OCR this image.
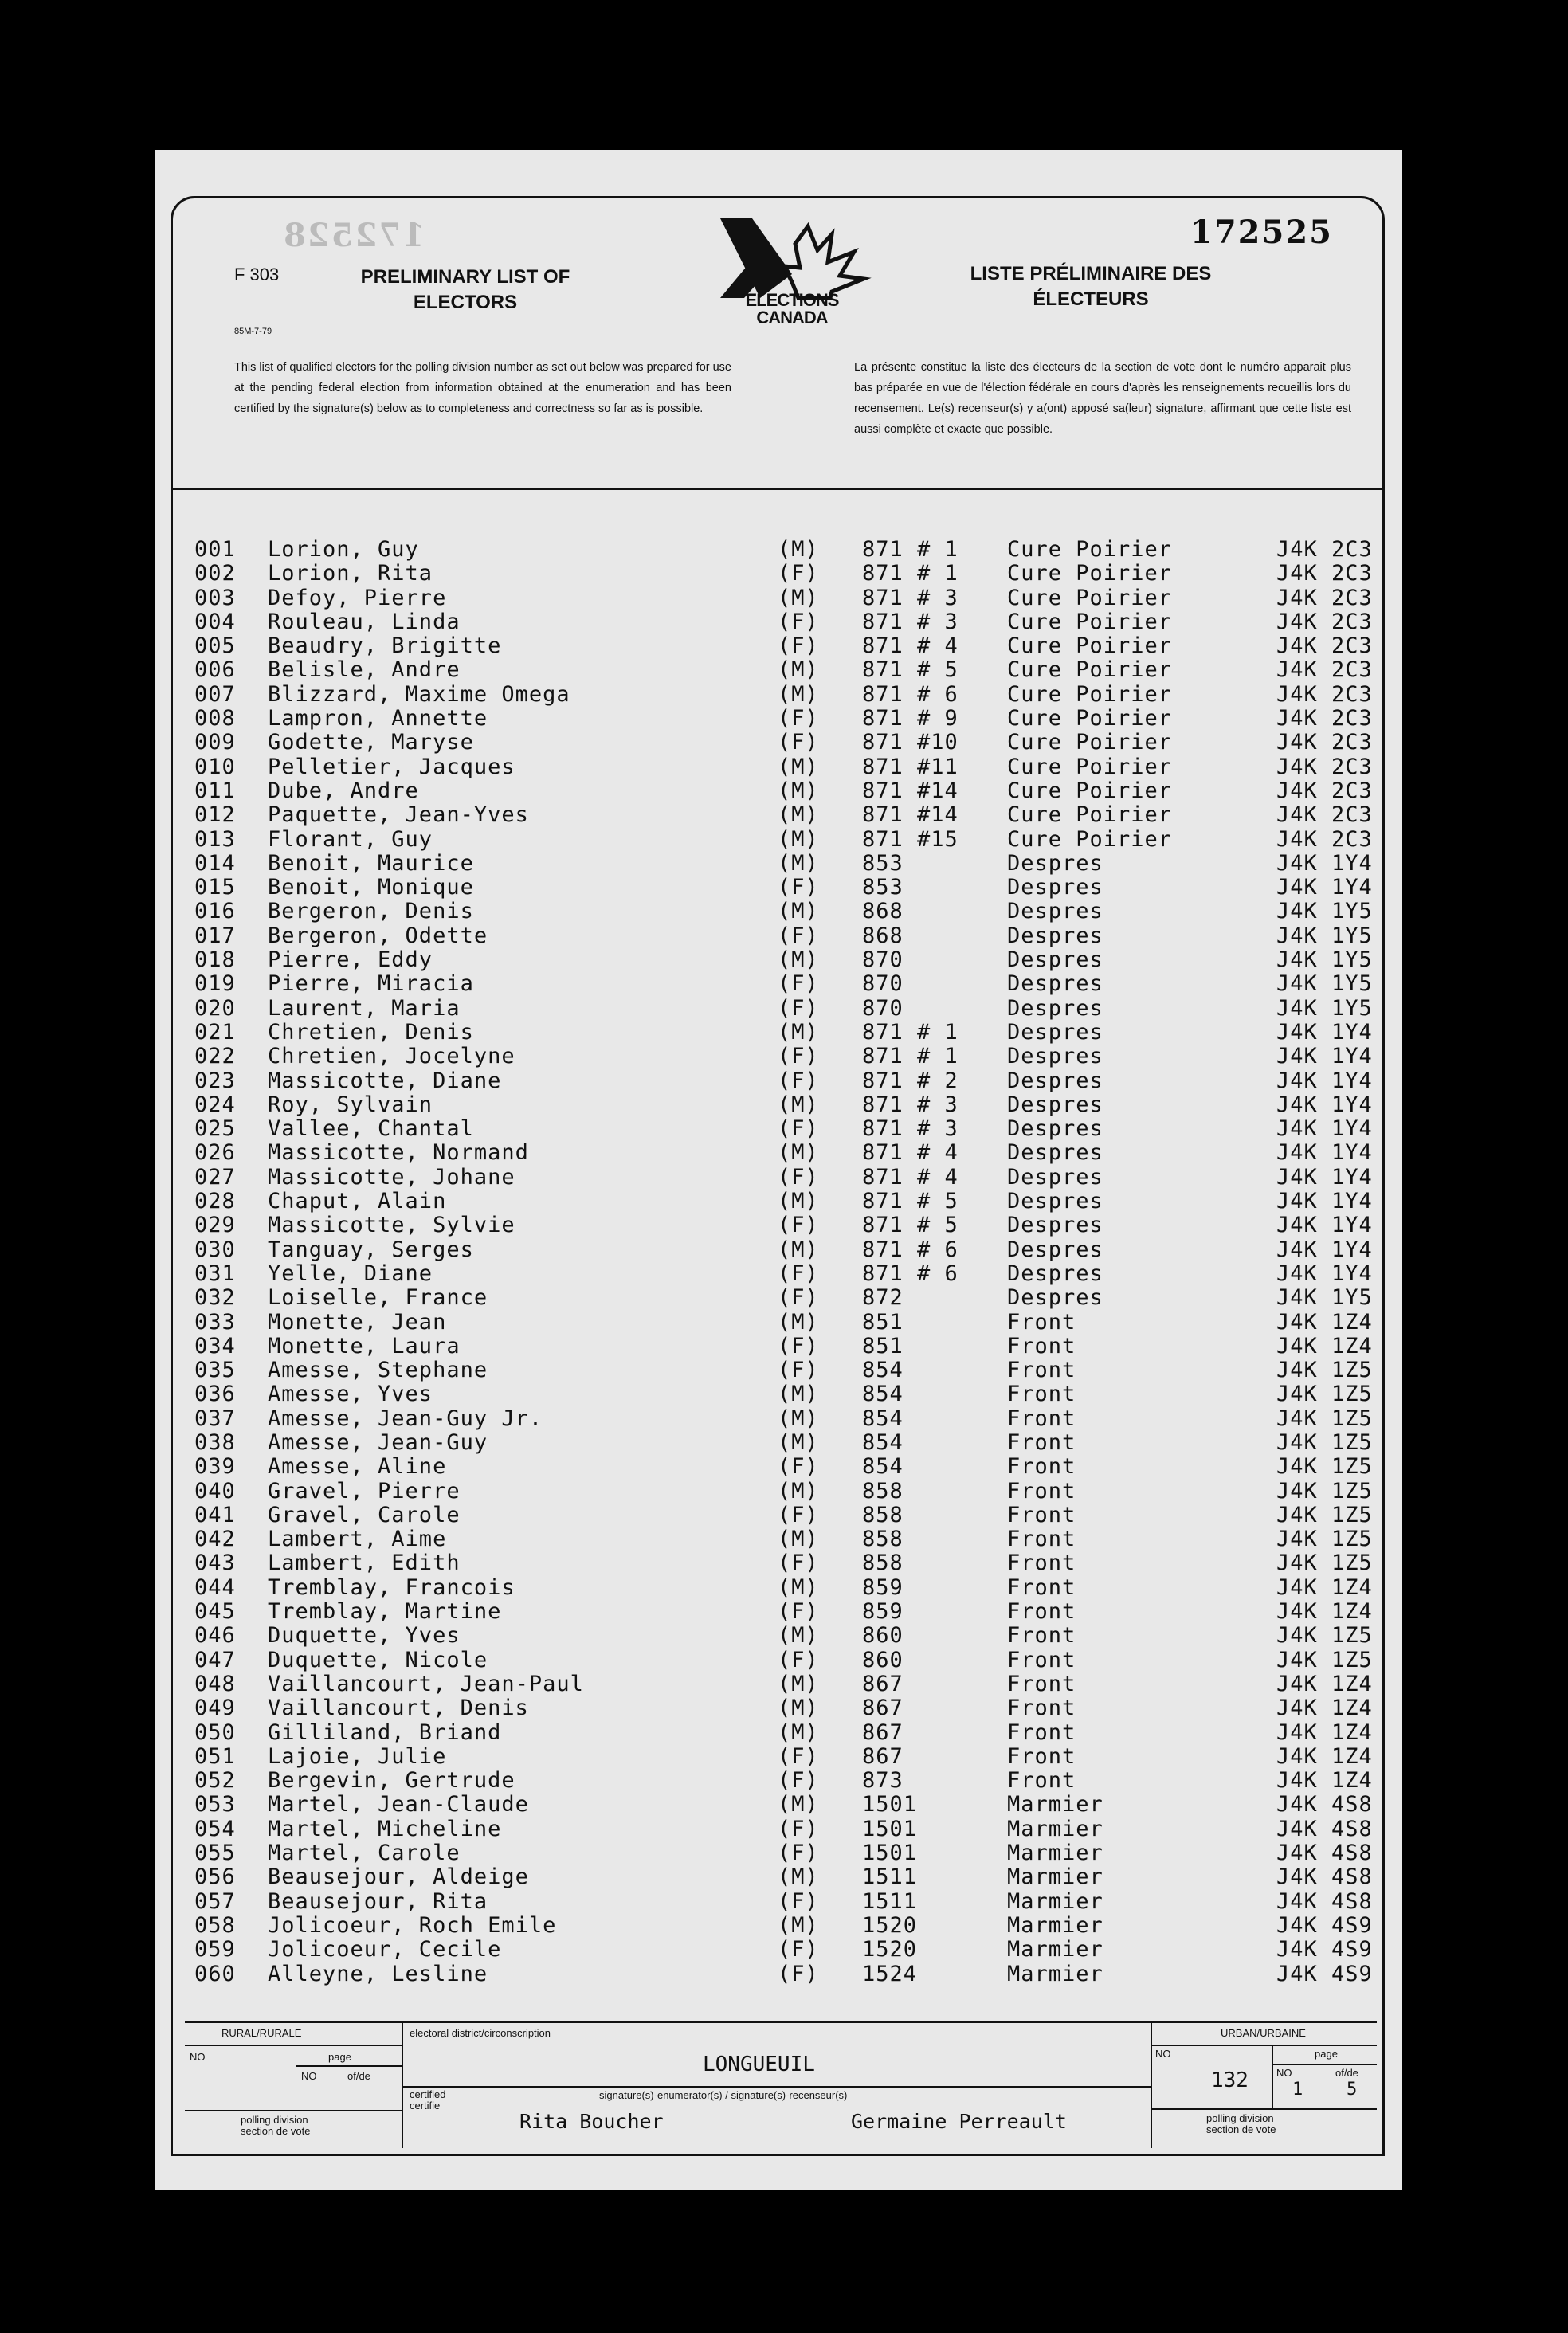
172528	172525
F 303
85M-7-79
PRELIMINARY LIST OF ELECTORS
LISTE PRÉLIMINAIRE DES ÉLECTEURS
ELECTIONS
CANADA
This list of qualified electors for the polling division number as set out below was prepared for use at the pending federal election from information obtained at the enumeration and has been certified by the signature(s) below as to completeness and correctness so far as is possible.
La présente constitue la liste des électeurs de la section de vote dont le numéro apparait plus bas préparée en vue de l'élection fédérale en cours d'après les renseignements recueillis lors du recensement. Le(s) recenseur(s) y a(ont) apposé sa(leur) signature, affirmant que cette liste est aussi complète et exacte que possible.
001 Lorion, Guy	(M) 871 # 1 Cure Poirier	J4K 2C3
002 Lorion, Rita	(F) 871 # 1 Cure Poirier	J4K 2C3
003 Defoy, Pierre	(M) 871 # 3 Cure Poirier	J4K 2C3
004 Rouleau, Linda	(F) 871 # 3 Cure Poirier	J4K 2C3
005 Beaudry, Brigitte	(F) 871 # 4 Cure Poirier	J4K 2C3
006 Belisle, Andre	(M) 871 # 5 Cure Poirier	J4K 2C3
007 Blizzard, Maxime Omega	(M) 871 # 6 Cure Poirier	J4K 2C3
008 Lampron, Annette	(F) 871 # 9 Cure Poirier	J4K 2C3
009 Godette, Maryse	(F) 871 #10 Cure Poirier	J4K 2C3
010 Pelletier, Jacques	(M) 871 #11 Cure Poirier	J4K 2C3
011 Dube, Andre	(M) 871 #14 Cure Poirier	J4K 2C3
012 Paquette, Jean-Yves	(M) 871 #14 Cure Poirier	J4K 2C3
013 Florant, Guy	(M) 871 #15 Cure Poirier	J4K 2C3
014 Benoit, Maurice	(M) 853	Despres	J4K 1Y4
015 Benoit, Monique	(F) 853	Despres	J4K 1Y4
016 Bergeron, Denis	(M) 868	Despres	J4K 1Y5
017 Bergeron, Odette	(F) 868	Despres	J4K 1Y5
018 Pierre, Eddy	(M) 870	Despres	J4K 1Y5
019 Pierre, Miracia	(F) 870	Despres	J4K 1Y5
020 Laurent, Maria	(F) 870	Despres	J4K 1Y5
021 Chretien, Denis	(M) 871 # 1 Despres	J4K 1Y4
022 Chretien, Jocelyne	(F) 871 # 1 Despres	J4K 1Y4
023 Massicotte, Diane	(F) 871 # 2 Despres	J4K 1Y4
024 Roy, Sylvain	(M) 871 # 3 Despres	J4K 1Y4
025 Vallee, Chantal	(F) 871 # 3 Despres	J4K 1Y4
026 Massicotte, Normand	(M) 871 # 4 Despres	J4K 1Y4
027 Massicotte, Johane	(F) 871 # 4 Despres	J4K 1Y4
028 Chaput, Alain	(M) 871 # 5 Despres	J4K 1Y4
029 Massicotte, Sylvie	(F) 871 # 5 Despres	J4K 1Y4
030 Tanguay, Serges	(M) 871 # 6 Despres	J4K 1Y4
031 Yelle, Diane	(F) 871 # 6 Despres	J4K 1Y4
032 Loiselle, France	(F) 872	Despres	J4K 1Y5
033 Monette, Jean	(M) 851	Front	J4K 1Z4
034 Monette, Laura	(F) 851	Front	J4K 1Z4
035 Amesse, Stephane	(F) 854	Front	J4K 1Z5
036 Amesse, Yves	(M) 854	Front	J4K 1Z5
037 Amesse, Jean-Guy Jr.	(M) 854	Front	J4K 1Z5
038 Amesse, Jean-Guy	(M) 854	Front	J4K 1Z5
039 Amesse, Aline	(F) 854	Front	J4K 1Z5
040 Gravel, Pierre	(M) 858	Front	J4K 1Z5
041 Gravel, Carole	(F) 858	Front	J4K 1Z5
042 Lambert, Aime	(M) 858	Front	J4K 1Z5
043 Lambert, Edith	(F) 858	Front	J4K 1Z5
044 Tremblay, Francois	(M) 859	Front	J4K 1Z4
045 Tremblay, Martine	(F) 859	Front	J4K 1Z4
046 Duquette, Yves	(M) 860	Front	J4K 1Z5
047 Duquette, Nicole	(F) 860	Front	J4K 1Z5
048 Vaillancourt, Jean-Paul	(M) 867	Front	J4K 1Z4
049 Vaillancourt, Denis	(M) 867	Front	J4K 1Z4
050 Gilliland, Briand	(M) 867	Front	J4K 1Z4
051 Lajoie, Julie	(F) 867	Front	J4K 1Z4
052 Bergevin, Gertrude	(F) 873	Front	J4K 1Z4
053 Martel, Jean-Claude	(M) 1501	Marmier	J4K 4S8
054 Martel, Micheline	(F) 1501	Marmier	J4K 4S8
055 Martel, Carole	(F) 1501	Marmier	J4K 4S8
056 Beausejour, Aldeige	(M) 1511	Marmier	J4K 4S8
057 Beausejour, Rita	(F) 1511	Marmier	J4K 4S8
058 Jolicoeur, Roch Emile	(M) 1520	Marmier	J4K 4S9
059 Jolicoeur, Cecile	(F) 1520	Marmier	J4K 4S9
060 Alleyne, Lesline	(F) 1524	Marmier	J4K 4S9
RURAL/RURALE
NO	page
NO	of/de
polling division
section de vote
electoral district/circonscription
LONGUEUIL
certified
certifie
signature(s)-enumerator(s) / signature(s)-recenseur(s)
Rita Boucher	Germaine Perreault
URBAN/URBAINE
NO	page
132	NO	of/de
1 5
polling division
section de vote
